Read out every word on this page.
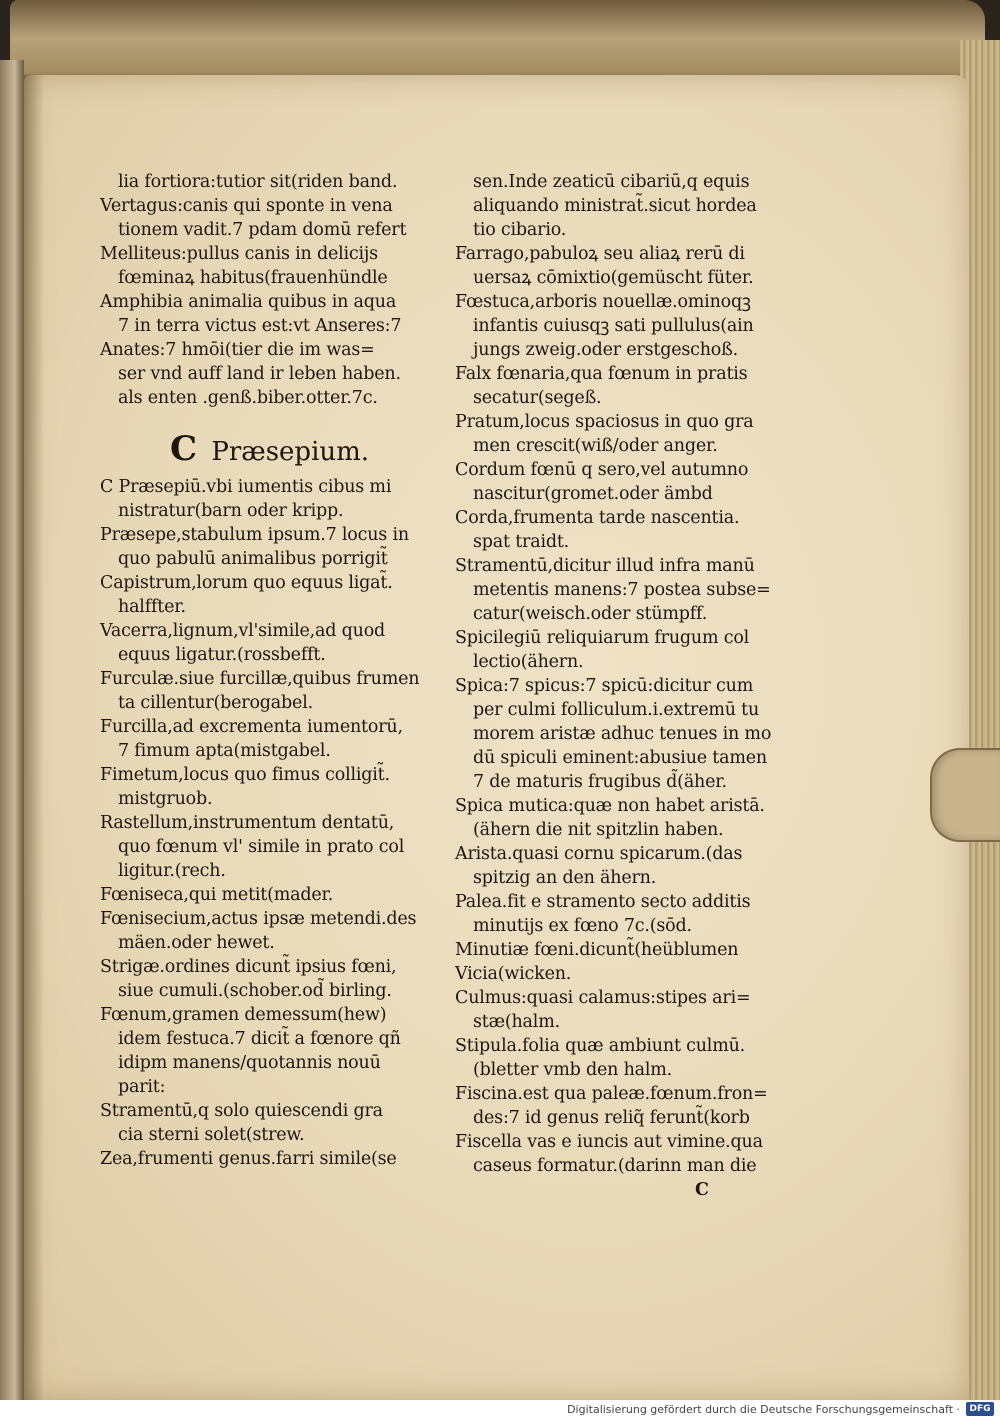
lia fortiora:tutior sit(riden band.
Vertagus:canis qui sponte in vena
tionem vadit.7 pdam domū refert
Melliteus:pullus canis in delicijs
fœminaꝝ habitus(frauenhündle
Amphibia animalia quibus in aqua
7 in terra victus est:vt Anseres:7
Anates:7 hmōi(tier die im was=
ser vnd auff land ir leben haben.
als enten .genß.biber.otter.7c.
C Præsepium.
C Præsepiū.vbi iumentis cibus mi
nistratur(barn oder kripp.
Præsepe,stabulum ipsum.7 locus in
quo pabulū animalibus porrigit̃
Capistrum,lorum quo equus ligat̃.
halffter.
Vacerra,lignum,vl'simile,ad quod
equus ligatur.(rossbefft.
Furculæ.siue furcillæ,quibus frumen
ta cillentur(berogabel.
Furcilla,ad excrementa iumentorū,
7 fimum apta(mistgabel.
Fimetum,locus quo fimus colligit̃.
mistgruob.
Rastellum,instrumentum dentatū,
quo fœnum vl' simile in prato col
ligitur.(rech.
Fœniseca,qui metit(mader.
Fœnisecium,actus ipsæ metendi.des
mäen.oder hewet.
Strigæ.ordines dicunt̃ ipsius fœni,
siue cumuli.(schober.od̃ birling.
Fœnum,gramen demessum(hew)
idem festuca.7 dicit̃ a fœnore qñ
idipm manens/quotannis nouū
parit:
Stramentū,q solo quiescendi gra
cia sterni solet(strew.
Zea,frumenti genus.farri simile(se
sen.Inde zeaticū cibariū,q equis
aliquando ministrat̃.sicut hordea
tio cibario.
Farrago,pabuloꝝ seu aliaꝝ rerū di
uersaꝝ cōmixtio(gemüscht füter.
Fœstuca,arboris nouellæ.ominoqꝫ
infantis cuiusqꝫ sati pullulus(ain
jungs zweig.oder erstgeschoß.
Falx fœnaria,qua fœnum in pratis
secatur(segeß.
Pratum,locus spaciosus in quo gra
men crescit(wiß/oder anger.
Cordum fœnū q sero,vel autumno
nascitur(gromet.oder ämbd
Corda,frumenta tarde nascentia.
spat traidt.
Stramentū,dicitur illud infra manū
metentis manens:7 postea subse=
catur(weisch.oder stümpff.
Spicilegiū reliquiarum frugum col
lectio(ähern.
Spica:7 spicus:7 spicū:dicitur cum
per culmi folliculum.i.extremū tu
morem aristæ adhuc tenues in mo
dū spiculi eminent:abusiue tamen
7 de maturis frugibus d̃(äher.
Spica mutica:quæ non habet aristā.
(ähern die nit spitzlin haben.
Arista.quasi cornu spicarum.(das
spitzig an den ähern.
Palea.fit e stramento secto additis
minutijs ex fœno 7c.(sōd.
Minutiæ fœni.dicunt̃(heüblumen
Vicia(wicken.
Culmus:quasi calamus:stipes ari=
stæ(halm.
Stipula.folia quæ ambiunt culmū.
(bletter vmb den halm.
Fiscina.est qua paleæ.fœnum.fron=
des:7 id genus reliq̃ ferunt̃(korb
Fiscella vas e iuncis aut vimine.qua
caseus formatur.(darinn man die
C
Digitalisierung gefördert durch die Deutsche Forschungsgemeinschaft ·	DFG
